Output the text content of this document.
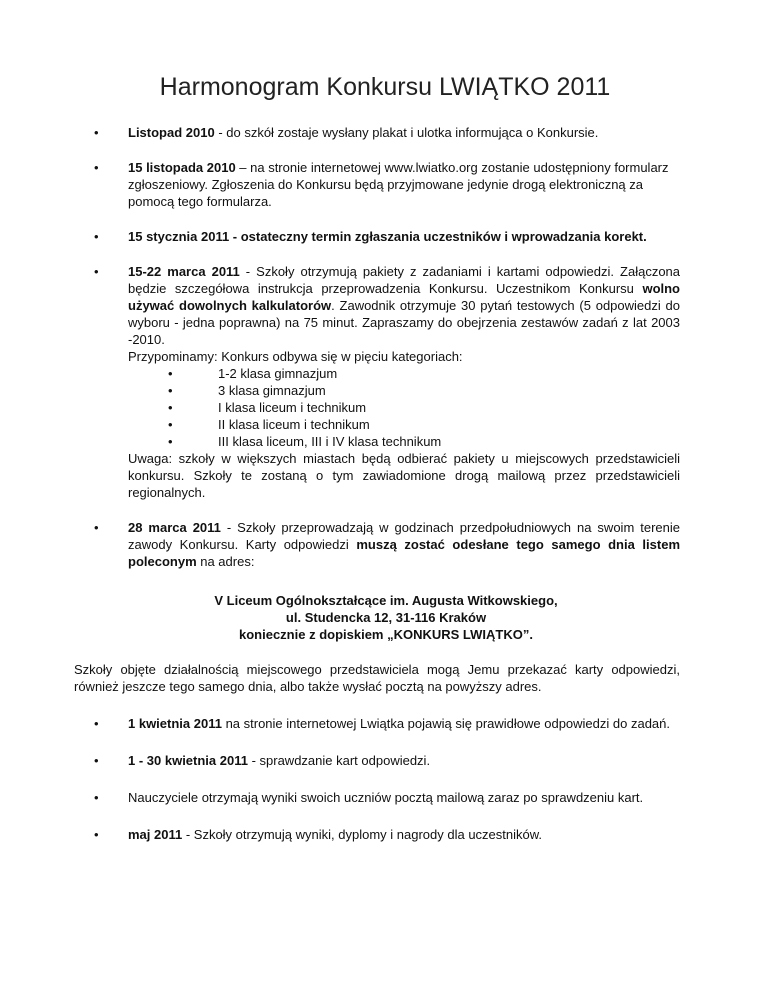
Harmonogram Konkursu LWIĄTKO 2011
• Listopad 2010 - do szkół zostaje wysłany plakat i ulotka informująca o Konkursie.

• 15 listopada 2010 – na stronie internetowej www.lwiatko.org zostanie udostępniony formularz zgłoszeniowy. Zgłoszenia do Konkursu będą przyjmowane jedynie drogą elektroniczną za pomocą tego formularza.

• 15 stycznia 2011 - ostateczny termin zgłaszania uczestników i wprowadzania korekt.

• 15-22 marca 2011 - Szkoły otrzymują pakiety z zadaniami i kartami odpowiedzi. Załączona będzie szczegółowa instrukcja przeprowadzenia Konkursu. Uczestnikom Konkursu wolno używać dowolnych kalkulatorów. Zawodnik otrzymuje 30 pytań testowych (5 odpowiedzi do wyboru - jedna poprawna) na 75 minut. Zapraszamy do obejrzenia zestawów zadań z lat 2003 -2010.

Przypominamy: Konkurs odbywa się w pięciu kategoriach:

•	1-2 klasa gimnazjum
•	3 klasa gimnazjum
•	I klasa liceum i technikum
•	II klasa liceum i technikum
•	III klasa liceum, III i IV klasa technikum

Uwaga: szkoły w większych miastach będą odbierać pakiety u miejscowych przedstawicieli konkursu. Szkoły te zostaną o tym zawiadomione drogą mailową przez przedstawicieli regionalnych.

• 28 marca 2011 - Szkoły przeprowadzają w godzinach przedpołudniowych na swoim terenie zawody Konkursu. Karty odpowiedzi muszą zostać odesłane tego samego dnia listem poleconym na adres:

V Liceum Ogólnokształcące im. Augusta Witkowskiego,
ul. Studencka 12, 31-116 Kraków
koniecznie z dopiskiem „KONKURS LWIĄTKO”.

Szkoły objęte działalnością miejscowego przedstawiciela mogą Jemu przekazać karty odpowiedzi, również jeszcze tego samego dnia, albo także wysłać pocztą na powyższy adres.

• 1 kwietnia 2011 na stronie internetowej Lwiątka pojawią się prawidłowe odpowiedzi do zadań.

• 1 - 30 kwietnia 2011 - sprawdzanie kart odpowiedzi.

• Nauczyciele otrzymają wyniki swoich uczniów pocztą mailową zaraz po sprawdzeniu kart.

• maj 2011 - Szkoły otrzymują wyniki, dyplomy i nagrody dla uczestników.
